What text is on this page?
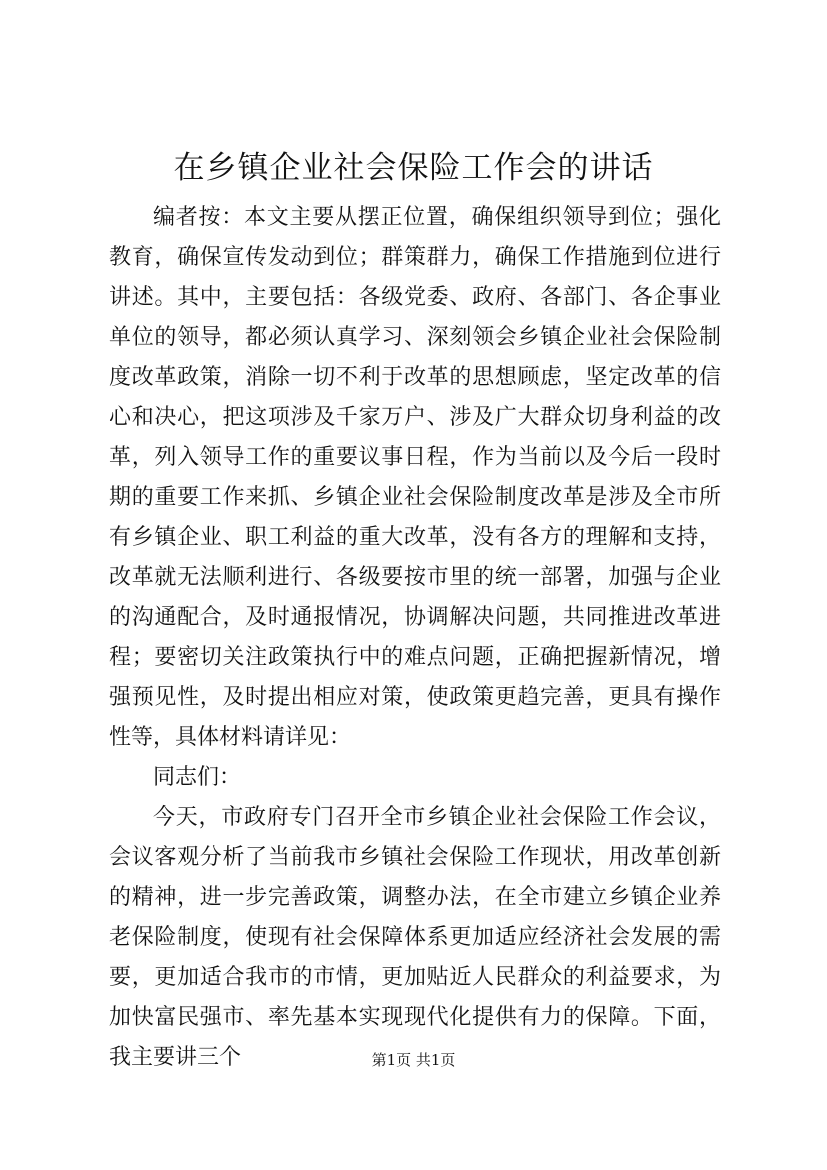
在乡镇企业社会保险工作会的讲话

编者按：本文主要从摆正位置，确保组织领导到位；强化教育，确保宣传发动到位；群策群力，确保工作措施到位进行讲述。其中，主要包括：各级党委、政府、各部门、各企事业单位的领导，都必须认真学习、深刻领会乡镇企业社会保险制度改革政策，消除一切不利于改革的思想顾虑，坚定改革的信心和决心，把这项涉及千家万户、涉及广大群众切身利益的改革，列入领导工作的重要议事日程，作为当前以及今后一段时期的重要工作来抓、乡镇企业社会保险制度改革是涉及全市所有乡镇企业、职工利益的重大改革，没有各方的理解和支持，改革就无法顺利进行、各级要按市里的统一部署，加强与企业的沟通配合，及时通报情况，协调解决问题，共同推进改革进程；要密切关注政策执行中的难点问题，正确把握新情况，增强预见性，及时提出相应对策，使政策更趋完善，更具有操作性等，具体材料请详见：

同志们：

今天，市政府专门召开全市乡镇企业社会保险工作会议，会议客观分析了当前我市乡镇社会保险工作现状，用改革创新的精神，进一步完善政策，调整办法，在全市建立乡镇企业养老保险制度，使现有社会保障体系更加适应经济社会发展的需要，更加适合我市的市情，更加贴近人民群众的利益要求，为加快富民强市、率先基本实现现代化提供有力的保障。下面，我主要讲三个	第1页 共1页
